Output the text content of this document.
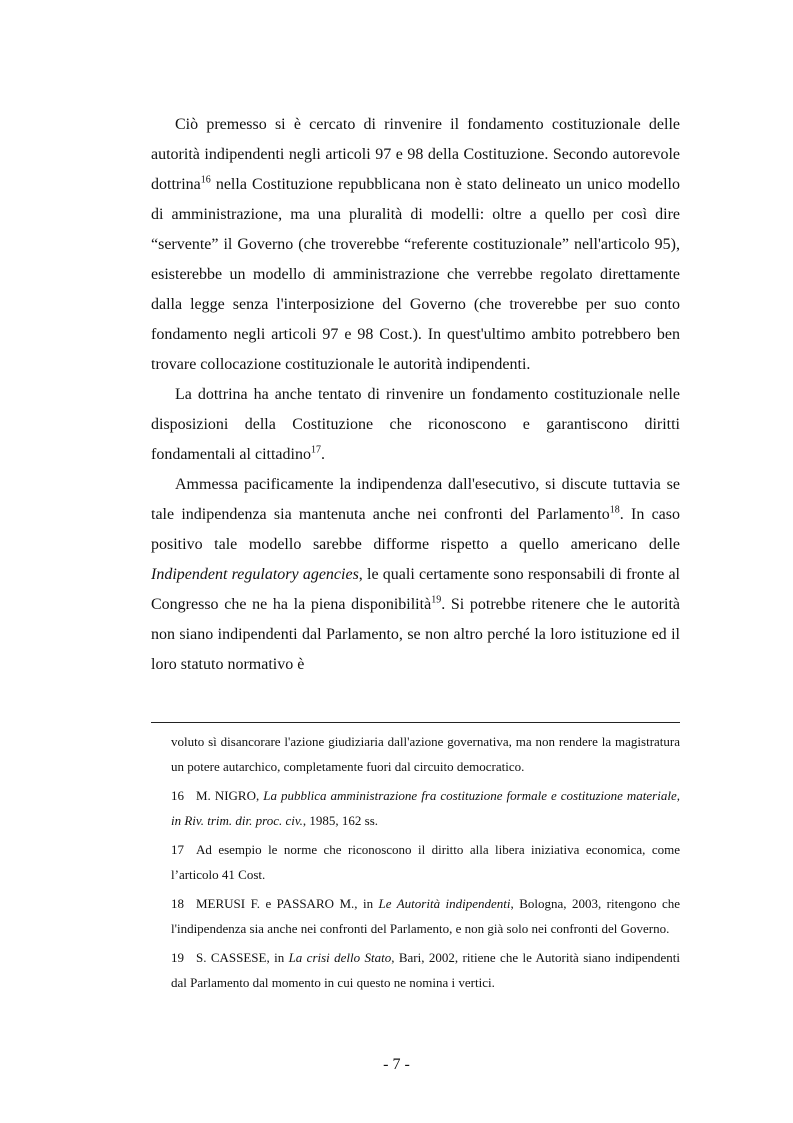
Ciò premesso si è cercato di rinvenire il fondamento costituzionale delle autorità indipendenti negli articoli 97 e 98 della Costituzione. Secondo autorevole dottrina$^{16}$ nella Costituzione repubblicana non è stato delineato un unico modello di amministrazione, ma una pluralità di modelli: oltre a quello per così dire “servente” il Governo (che troverebbe “referente costituzionale” nell'articolo 95), esisterebbe un modello di amministrazione che verrebbe regolato direttamente dalla legge senza l'interposizione del Governo (che troverebbe per suo conto fondamento negli articoli 97 e 98 Cost.). In quest'ultimo ambito potrebbero ben trovare collocazione costituzionale le autorità indipendenti.

La dottrina ha anche tentato di rinvenire un fondamento costituzionale nelle disposizioni della Costituzione che riconoscono e garantiscono diritti fondamentali al cittadino$^{17}$.

Ammessa pacificamente la indipendenza dall'esecutivo, si discute tuttavia se tale indipendenza sia mantenuta anche nei confronti del Parlamento$^{18}$. In caso positivo tale modello sarebbe difforme rispetto a quello americano delle Indipendent regulatory agencies, le quali certamente sono responsabili di fronte al Congresso che ne ha la piena disponibilità$^{19}$. Si potrebbe ritenere che le autorità non siano indipendenti dal Parlamento, se non altro perché la loro istituzione ed il loro statuto normativo è

voluto sì disancorare l'azione giudiziaria dall'azione governativa, ma non rendere la magistratura un potere autarchico, completamente fuori dal circuito democratico.

16 M. NIGRO, La pubblica amministrazione fra costituzione formale e costituzione materiale, in Riv. trim. dir. proc. civ., 1985, 162 ss.

17 Ad esempio le norme che riconoscono il diritto alla libera iniziativa economica, come l’articolo 41 Cost.

18 MERUSI F. e PASSARO M., in Le Autorità indipendenti, Bologna, 2003, ritengono che l'indipendenza sia anche nei confronti del Parlamento, e non già solo nei confronti del Governo.

19 S. CASSESE, in La crisi dello Stato, Bari, 2002, ritiene che le Autorità siano indipendenti dal Parlamento dal momento in cui questo ne nomina i vertici.

- 7 -
